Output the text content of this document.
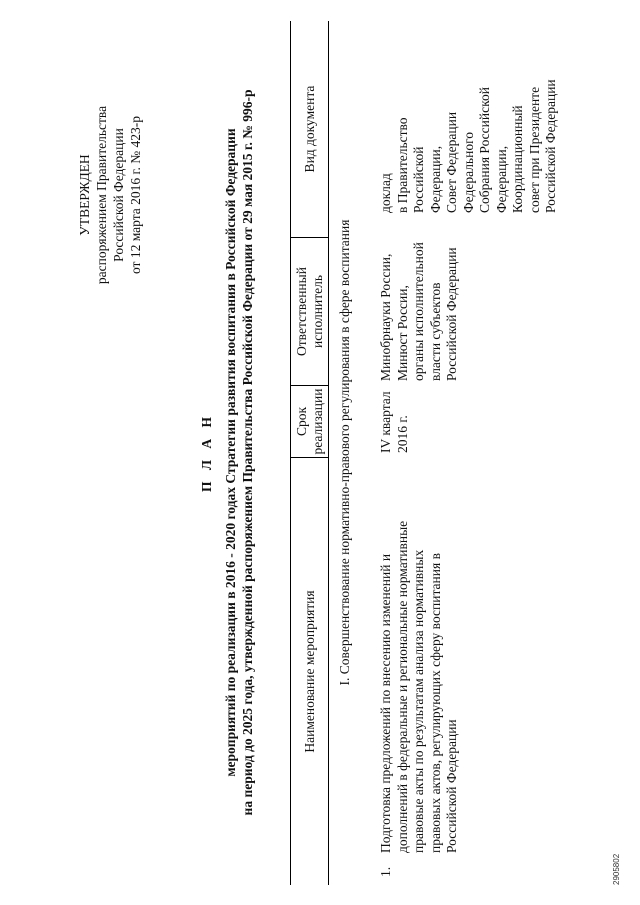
УТВЕРЖДЕН распоряжением Правительства Российской Федерации от 12 марта 2016 г. № 423-р
П Л А Н мероприятий по реализации в 2016 - 2020 годах Стратегии развития воспитания в Российской Федерации на период до 2025 года, утвержденной распоряжением Правительства Российской Федерации от 29 мая 2015 г. № 996-р	Наименование мероприятия
Срок реализации
Ответственный исполнитель
Вид документа
I. Совершенствование нормативно-правового регулирования в сфере воспитания
1.
Подготовка предложений по внесению изменений и дополнений в федеральные и региональные нормативные правовые акты по результатам анализа нормативных правовых актов, регулирующих сферу воспитания в Российской Федерации
IV квартал 2016 г.
Минобрнауки России, Минюст России, органы исполнительной власти субъектов Российской Федерации
доклад в Правительство Российской Федерации, Совет Федерации Федерального Собрания Российской Федерации, Координационный совет при Президенте Российской Федерации
2905802
